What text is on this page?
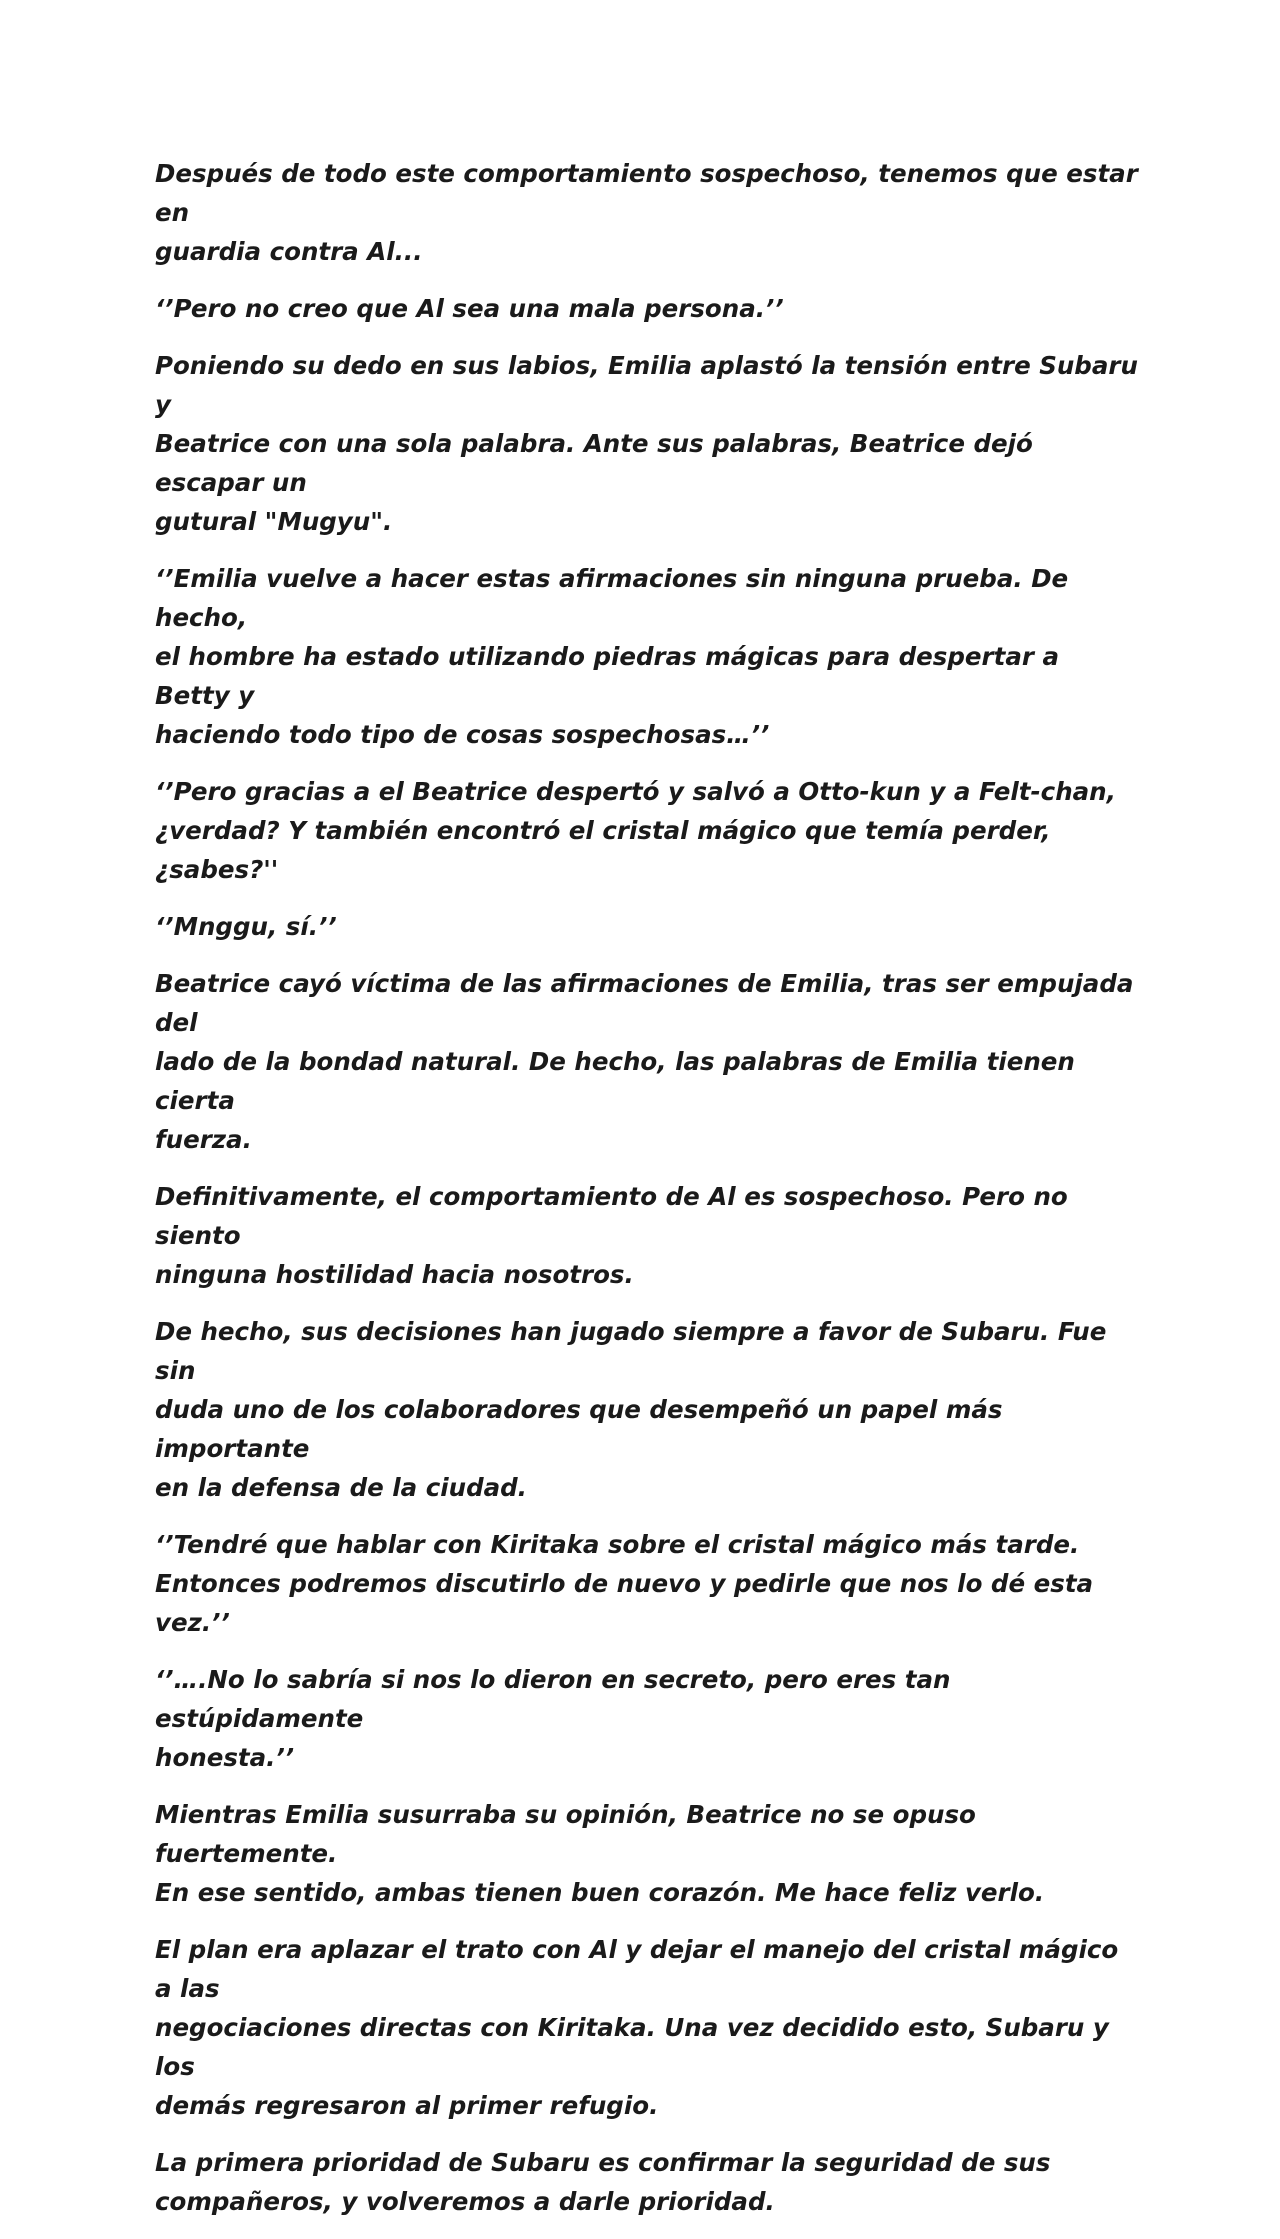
Después de todo este comportamiento sospechoso, tenemos que estar en
guardia contra Al...

‘’Pero no creo que Al sea una mala persona.’’

Poniendo su dedo en sus labios, Emilia aplastó la tensión entre Subaru y
Beatrice con una sola palabra. Ante sus palabras, Beatrice dejó escapar un
gutural "Mugyu".

‘’Emilia vuelve a hacer estas afirmaciones sin ninguna prueba. De hecho,
el hombre ha estado utilizando piedras mágicas para despertar a Betty y
haciendo todo tipo de cosas sospechosas…’’

‘’Pero gracias a el Beatrice despertó y salvó a Otto-kun y a Felt-chan,
¿verdad? Y también encontró el cristal mágico que temía perder,
¿sabes?''

‘’Mnggu, sí.’’

Beatrice cayó víctima de las afirmaciones de Emilia, tras ser empujada del
lado de la bondad natural. De hecho, las palabras de Emilia tienen cierta
fuerza.

Definitivamente, el comportamiento de Al es sospechoso. Pero no siento
ninguna hostilidad hacia nosotros.

De hecho, sus decisiones han jugado siempre a favor de Subaru. Fue sin
duda uno de los colaboradores que desempeñó un papel más importante
en la defensa de la ciudad.

‘’Tendré que hablar con Kiritaka sobre el cristal mágico más tarde.
Entonces podremos discutirlo de nuevo y pedirle que nos lo dé esta vez.’’

‘’….No lo sabría si nos lo dieron en secreto, pero eres tan estúpidamente
honesta.’’

Mientras Emilia susurraba su opinión, Beatrice no se opuso fuertemente.
En ese sentido, ambas tienen buen corazón. Me hace feliz verlo.

El plan era aplazar el trato con Al y dejar el manejo del cristal mágico a las
negociaciones directas con Kiritaka. Una vez decidido esto, Subaru y los
demás regresaron al primer refugio.

La primera prioridad de Subaru es confirmar la seguridad de sus
compañeros, y volveremos a darle prioridad.
